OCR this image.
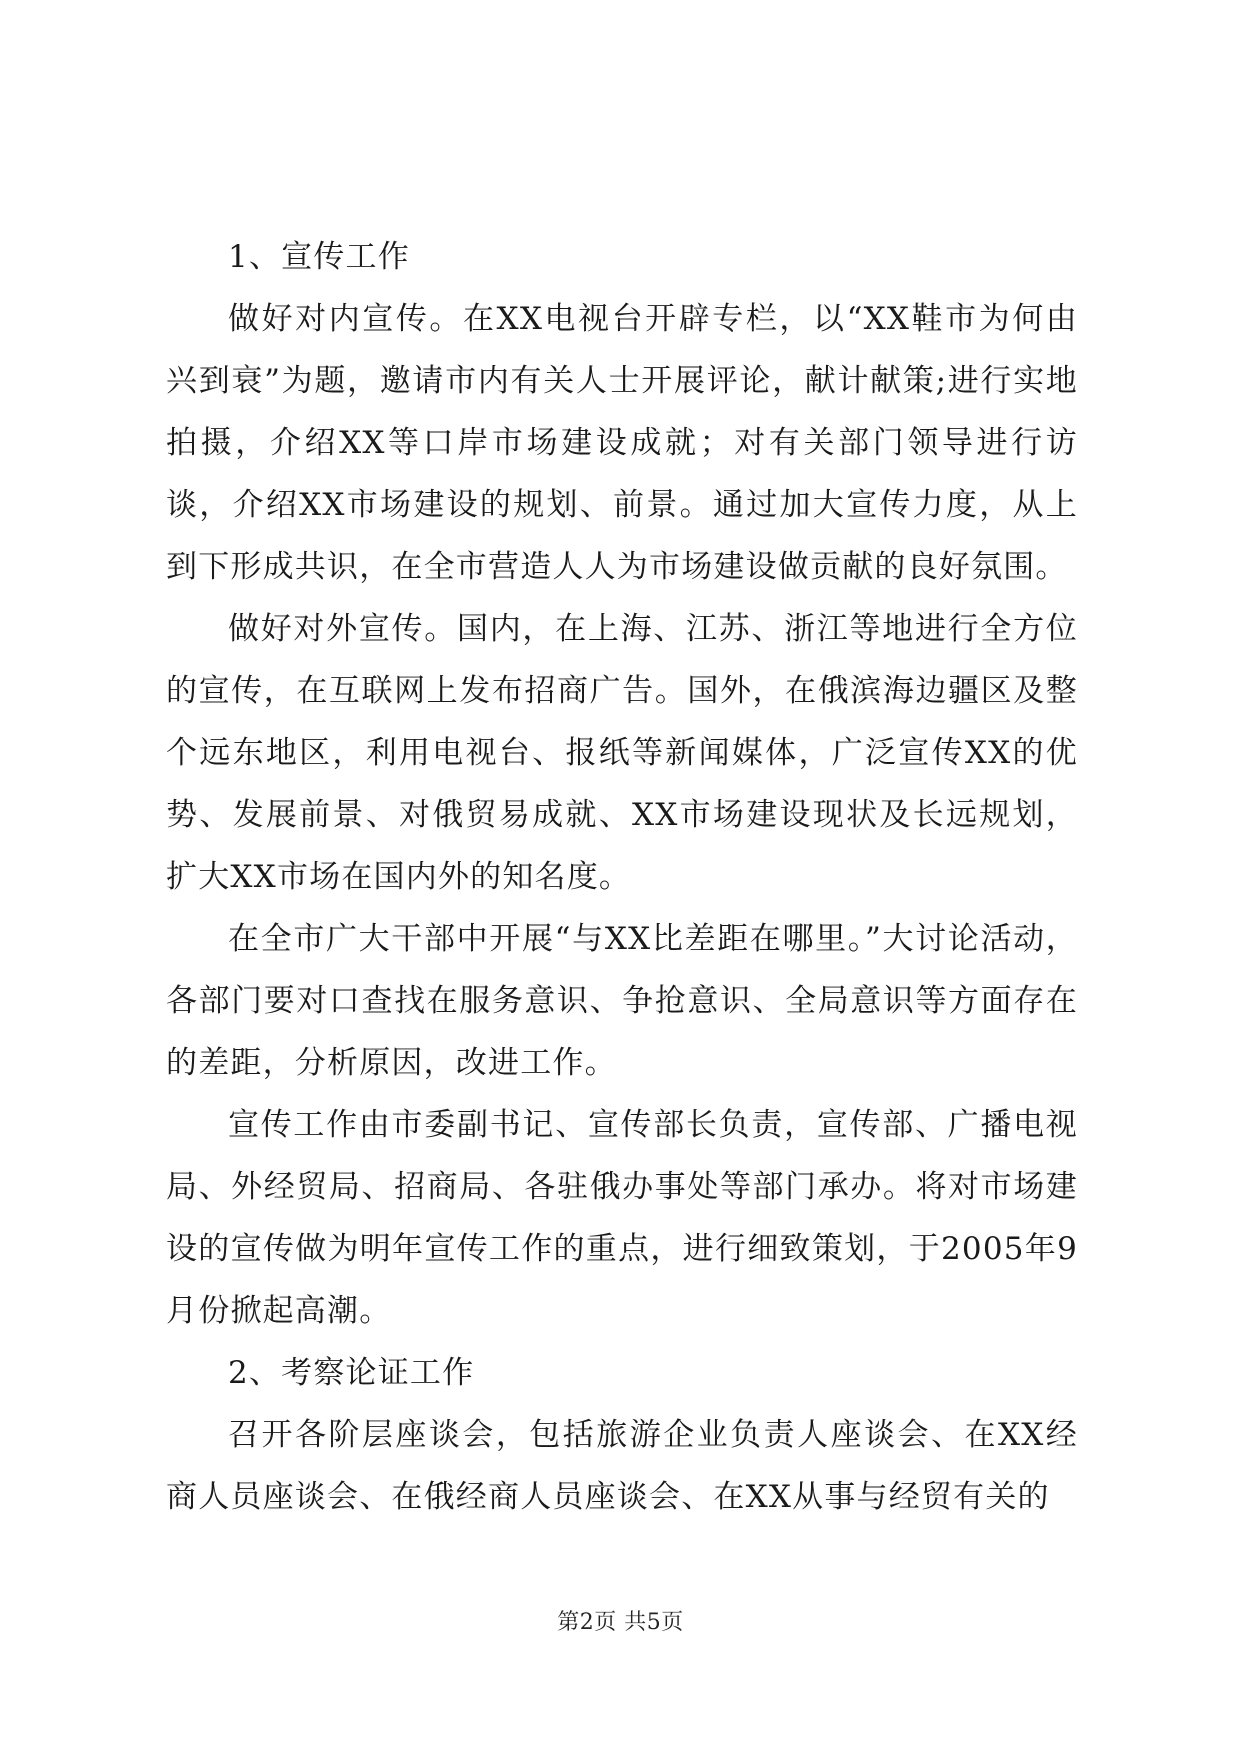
1、宣传工作

做好对内宣传。在XX电视台开辟专栏，以“XX鞋市为何由兴到衰”为题，邀请市内有关人士开展评论，献计献策;进行实地拍摄，介绍XX等口岸市场建设成就；对有关部门领导进行访谈，介绍XX市场建设的规划、前景。通过加大宣传力度，从上到下形成共识，在全市营造人人为市场建设做贡献的良好氛围。

做好对外宣传。国内，在上海、江苏、浙江等地进行全方位的宣传，在互联网上发布招商广告。国外，在俄滨海边疆区及整个远东地区，利用电视台、报纸等新闻媒体，广泛宣传XX的优势、发展前景、对俄贸易成就、XX市场建设现状及长远规划，扩大XX市场在国内外的知名度。

在全市广大干部中开展“与XX比差距在哪里。”大讨论活动，各部门要对口查找在服务意识、争抢意识、全局意识等方面存在的差距，分析原因，改进工作。

宣传工作由市委副书记、宣传部长负责，宣传部、广播电视局、外经贸局、招商局、各驻俄办事处等部门承办。将对市场建设的宣传做为明年宣传工作的重点，进行细致策划，于2005年9月份掀起高潮。

2、考察论证工作

召开各阶层座谈会，包括旅游企业负责人座谈会、在XX经商人员座谈会、在俄经商人员座谈会、在XX从事与经贸有关的

第2页 共5页
